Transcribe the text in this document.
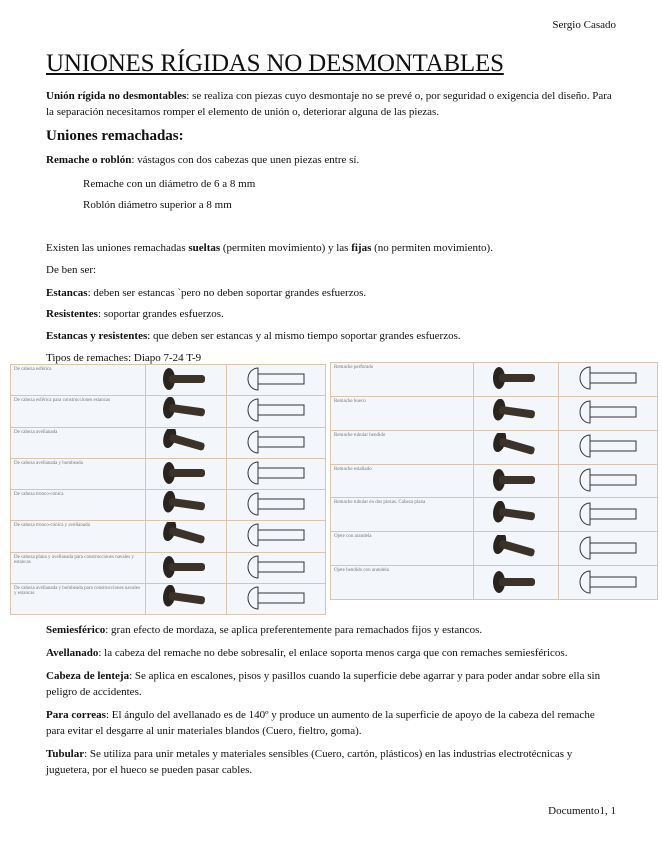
Sergio Casado
UNIONES RÍGIDAS NO DESMONTABLES

Unión rígida no desmontables: se realiza con piezas cuyo desmontaje no se prevé o, por seguridad o exigencia del diseño. Para la separación necesitamos romper el elemento de unión o, deteriorar alguna de las piezas.

Uniones remachadas:

Remache o roblón: vástagos con dos cabezas que unen piezas entre sí.

Remache con un diámetro de 6 a 8 mm

Roblón diámetro superior a 8 mm

Existen las uniones remachadas sueltas (permiten movimiento) y las fijas (no permiten movimiento).

De ben ser:

Estancas: deben ser estancas `pero no deben soportar grandes esfuerzos.

Resistentes: soportar grandes esfuerzos.

Estancas y resistentes: que deben ser estancas y al mismo tiempo soportar grandes esfuerzos.

Tipos de remaches: Diapo 7-24 T-9

De cabeza esférica		
De cabeza esférica para construcciones estancas		
De cabeza avellanada		
De cabeza avellanada y bombeada		
De cabeza tronco-cónica		
De cabeza tronco-cónica y avellanada		
De cabeza plana y avellanada para construcciones navales y estancas		
De cabeza avellanada y bombeada para construcciones navales y estancas		
Remache perforado		
Remache hueco		
Remache tubular hendido		
Remache estallado		
Remache tubular en dos piezas. Cabeza plana		
Ojete con arandela		
Ojete hendido con arandela		

Semiesférico: gran efecto de mordaza, se aplica preferentemente para remachados fijos y estancos.

Avellanado: la cabeza del remache no debe sobresalir, el enlace soporta menos carga que con remaches semiesféricos.

Cabeza de lenteja: Se aplica en escalones, pisos y pasillos cuando la superficie debe agarrar y para poder andar sobre ella sin peligro de accidentes.

Para correas: El ángulo del avellanado es de 140º y produce un aumento de la superficie de apoyo de la cabeza del remache para evitar el desgarre al unir materiales blandos (Cuero, fieltro, goma).

Tubular: Se utiliza para unir metales y materiales sensibles (Cuero, cartón, plásticos) en las industrias electrotécnicas y juguetera, por el hueco se pueden pasar cables.

Documento1, 1
